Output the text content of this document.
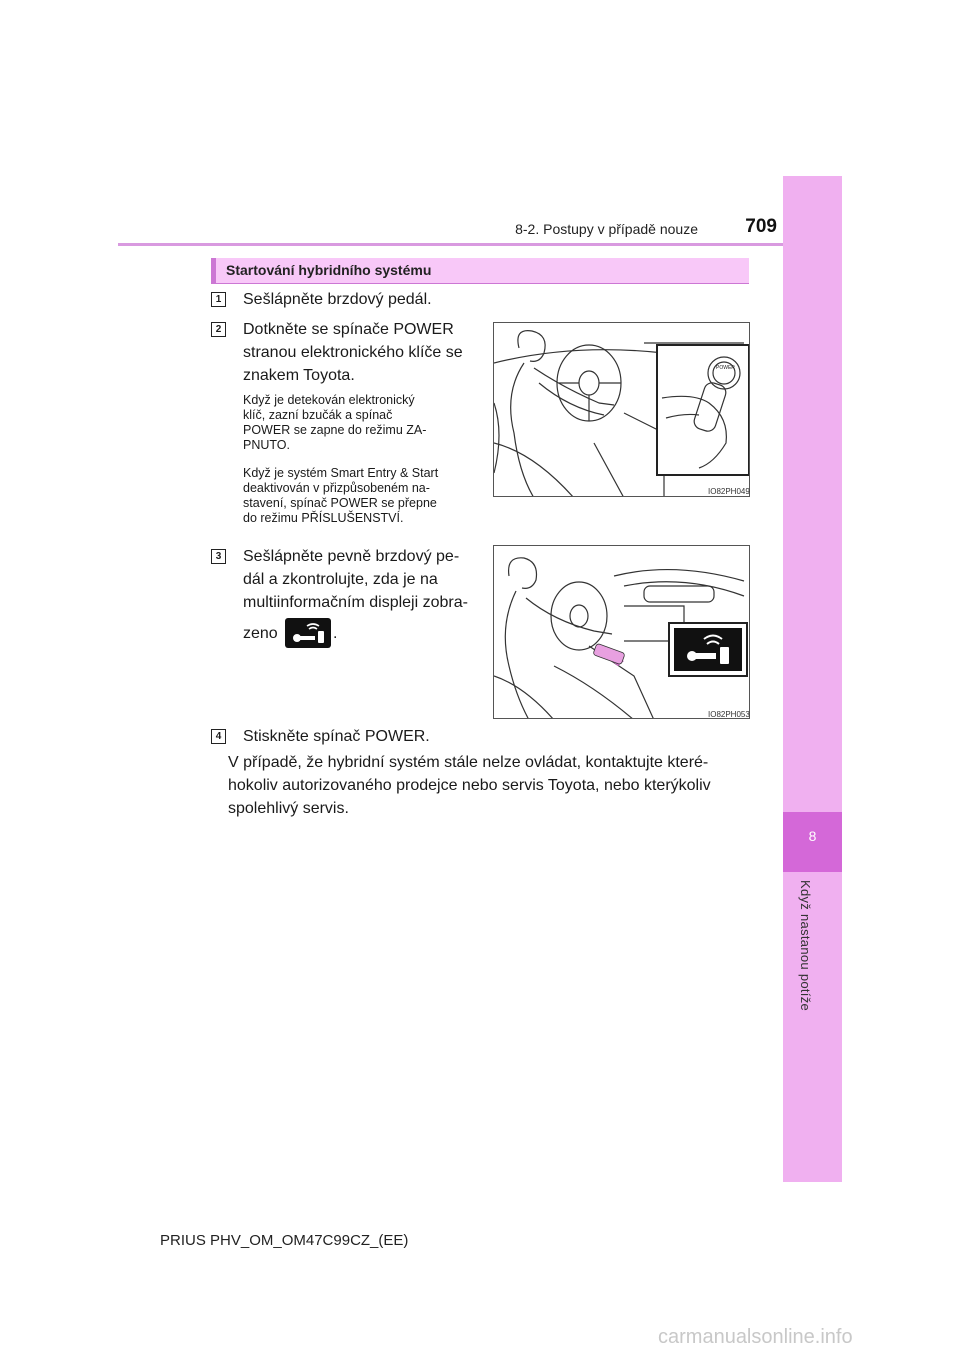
8
Když nastanou potíže
8-2. Postupy v případě nouze	709
Startování hybridního systému
1 Sešlápněte brzdový pedál.
2 Dotkněte se spínače POWER
stranou elektronického klíče se
znakem Toyota.
Když je detekován elektronický
klíč, zazní bzučák a spínač
POWER se zapne do režimu ZA-
PNUTO.
Když je systém Smart Entry & Start
deaktivován v přizpůsobeném na-
stavení, spínač POWER se přepne
do režimu PŘÍSLUŠENSTVÍ.
POWER
IO82PH049
3 Sešlápněte pevně brzdový pe-
dál a zkontrolujte, zda je na
multiinformačním displeji zobra-
zeno	.
IO82PH053
4 Stiskněte spínač POWER.
V případě, že hybridní systém stále nelze ovládat, kontaktujte které-
hokoliv autorizovaného prodejce nebo servis Toyota, nebo kterýkoliv
spolehlivý servis.
PRIUS PHV_OM_OM47C99CZ_(EE)
carmanualsonline.info
